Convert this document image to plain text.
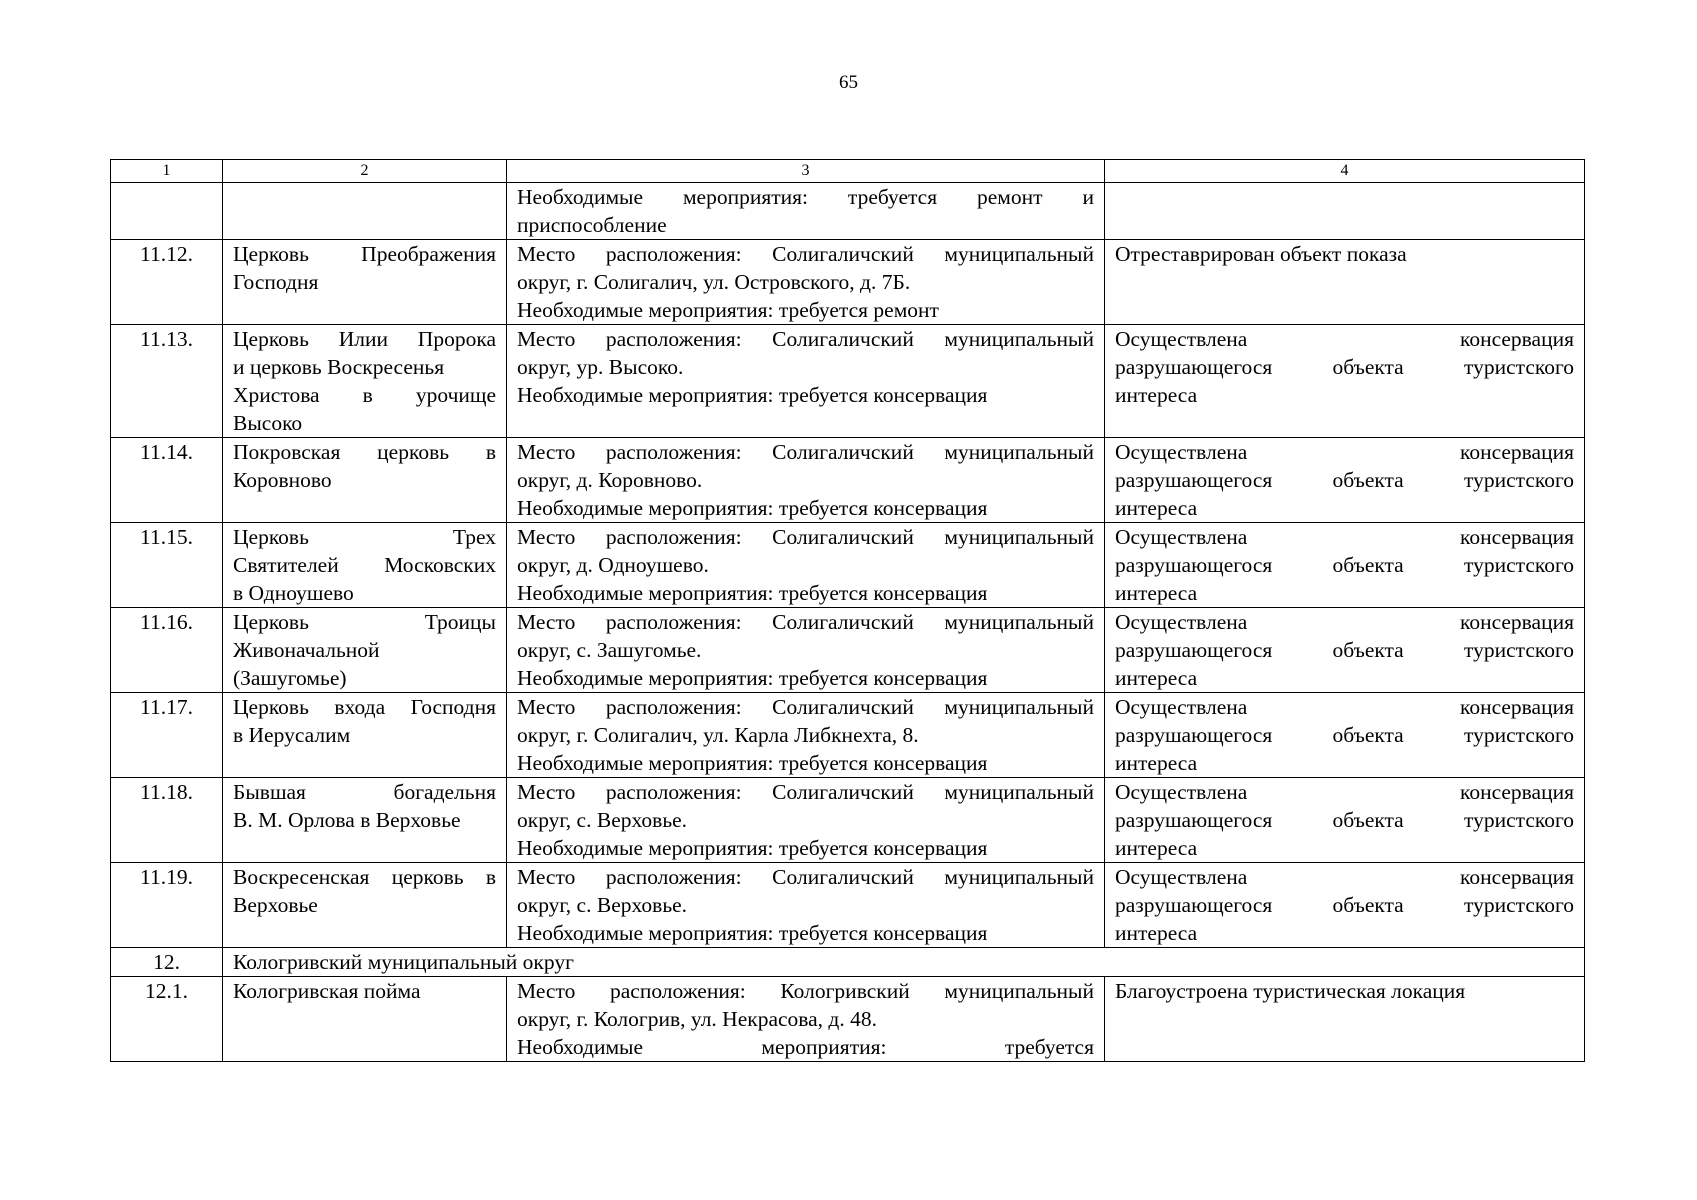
65
1	2	3	4

		Необходимые мероприятия: требуется ремонт и
приспособление	

11.12.	Церковь Преображения
Господня	Место расположения: Солигаличский муниципальный
округ, г. Солигалич, ул. Островского, д. 7Б.
Необходимые мероприятия: требуется ремонт	Отреставрирован объект показа

11.13.	Церковь Илии Пророка
и церковь Воскресенья
Христова в урочище
Высоко	Место расположения: Солигаличский муниципальный
округ, ур. Высоко.
Необходимые мероприятия: требуется консервация	Осуществлена консервация
разрушающегося объекта туристского
интереса

11.14.	Покровская церковь в
Коровново	Место расположения: Солигаличский муниципальный
округ, д. Коровново.
Необходимые мероприятия: требуется консервация	Осуществлена консервация
разрушающегося объекта туристского
интереса

11.15.	Церковь Трех
Святителей Московских
в Одноушево	Место расположения: Солигаличский муниципальный
округ, д. Одноушево.
Необходимые мероприятия: требуется консервация	Осуществлена консервация
разрушающегося объекта туристского
интереса

11.16.	Церковь Троицы
Живоначальной
(Зашугомье)	Место расположения: Солигаличский муниципальный
округ, с. Зашугомье.
Необходимые мероприятия: требуется консервация	Осуществлена консервация
разрушающегося объекта туристского
интереса

11.17.	Церковь входа Господня
в Иерусалим	Место расположения: Солигаличский муниципальный
округ, г. Солигалич, ул. Карла Либкнехта, 8.
Необходимые мероприятия: требуется консервация	Осуществлена консервация
разрушающегося объекта туристского
интереса

11.18.	Бывшая богадельня
В. М. Орлова в Верховье	Место расположения: Солигаличский муниципальный
округ, с. Верховье.
Необходимые мероприятия: требуется консервация	Осуществлена консервация
разрушающегося объекта туристского
интереса

11.19.	Воскресенская церковь в
Верховье	Место расположения: Солигаличский муниципальный
округ, с. Верховье.
Необходимые мероприятия: требуется консервация	Осуществлена консервация
разрушающегося объекта туристского
интереса

12.	Кологривский муниципальный округ		
12.1.	Кологривская пойма	Место расположения: Кологривский муниципальный
округ, г. Кологрив, ул. Некрасова, д. 48.
Необходимые мероприятия: требуется	Благоустроена туристическая локация
